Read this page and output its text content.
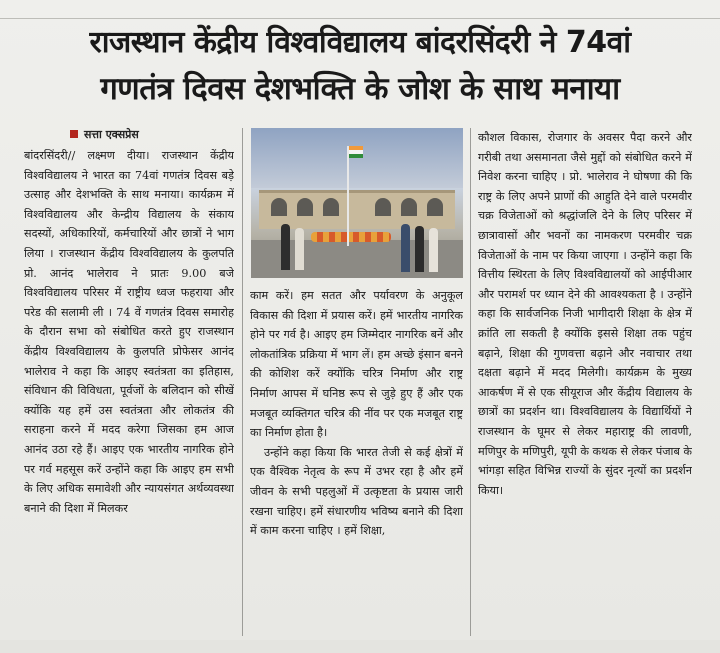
राजस्थान केंद्रीय विश्वविद्यालय बांदरसिंदरी ने 74वां
गणतंत्र दिवस देशभक्ति के जोश के साथ मनाया
सत्ता एक्सप्रेस

बांदरसिंदरी// लक्ष्मण दीया। राजस्थान केंद्रीय विश्वविद्यालय ने भारत का 74वां गणतंत्र दिवस बड़े उत्साह और देशभक्ति के साथ मनाया। कार्यक्रम में विश्वविद्यालय और केन्द्रीय विद्यालय के संकाय सदस्यों, अधिकारियों, कर्मचारियों और छात्रों ने भाग लिया । राजस्थान केंद्रीय विश्वविद्यालय के कुलपति प्रो. आनंद भालेराव ने प्रातः 9.00 बजे विश्वविद्यालय परिसर में राष्ट्रीय ध्वज फहराया और परेड की सलामी ली । 74 वें गणतंत्र दिवस समारोह के दौरान सभा को संबोधित करते हुए राजस्थान केंद्रीय विश्वविद्यालय के कुलपति प्रोफेसर आनंद भालेराव ने कहा कि आइए स्वतंत्रता का इतिहास, संविधान की विविधता, पूर्वजों के बलिदान को सीखें क्योंकि यह हमें उस स्वतंत्रता और लोकतंत्र की सराहना करने में मदद करेगा जिसका हम आज आनंद उठा रहे हैं। आइए एक भारतीय नागरिक होने पर गर्व महसूस करें उन्होंने कहा कि आइए हम सभी के लिए अधिक समावेशी और न्यायसंगत अर्थव्यवस्था बनाने की दिशा में मिलकर

काम करें। हम सतत और पर्यावरण के अनुकूल विकास की दिशा में प्रयास करें। हमें भारतीय नागरिक होने पर गर्व है। आइए हम जिम्मेदार नागरिक बनें और लोकतांत्रिक प्रक्रिया में भाग लें। हम अच्छे इंसान बनने की कोशिश करें क्योंकि चरित्र निर्माण और राष्ट्र निर्माण आपस में घनिष्ठ रूप से जुड़े हुए हैं और एक मजबूत व्यक्तिगत चरित्र की नींव पर एक मजबूत राष्ट्र का निर्माण होता है।

उन्होंने कहा किया कि भारत तेजी से कई क्षेत्रों में एक वैश्विक नेतृत्व के रूप में उभर रहा है और हमें जीवन के सभी पहलुओं में उत्कृष्टता के प्रयास जारी रखना चाहिए। हमें संधारणीय भविष्य बनाने की दिशा में काम करना चाहिए । हमें शिक्षा,

कौशल विकास, रोजगार के अवसर पैदा करने और गरीबी तथा असमानता जैसे मुद्दों को संबोधित करने में निवेश करना चाहिए । प्रो. भालेराव ने घोषणा की कि राष्ट्र के लिए अपने प्राणों की आहुति देने वाले परमवीर चक्र विजेताओं को श्रद्धांजलि देने के लिए परिसर में छात्रावासों और भवनों का नामकरण परमवीर चक्र विजेताओं के नाम पर किया जाएगा । उन्होंने कहा कि वित्तीय स्थिरता के लिए विश्वविद्यालयों को आईपीआर और परामर्श पर ध्यान देने की आवश्यकता है । उन्होंने कहा कि सार्वजनिक निजी भागीदारी शिक्षा के क्षेत्र में क्रांति ला सकती है क्योंकि इससे शिक्षा तक पहुंच बढ़ाने, शिक्षा की गुणवत्ता बढ़ाने और नवाचार तथा दक्षता बढ़ाने में मदद मिलेगी। कार्यक्रम के मुख्य आकर्षण में से एक सीयूराज और केंद्रीय विद्यालय के छात्रों का प्रदर्शन था। विश्वविद्यालय के विद्यार्थियों ने राजस्थान के घूमर से लेकर महाराष्ट्र की लावणी, मणिपुर के मणिपुरी, यूपी के कथक से लेकर पंजाब के भांगड़ा सहित विभिन्न राज्यों के सुंदर नृत्यों का प्रदर्शन किया।
